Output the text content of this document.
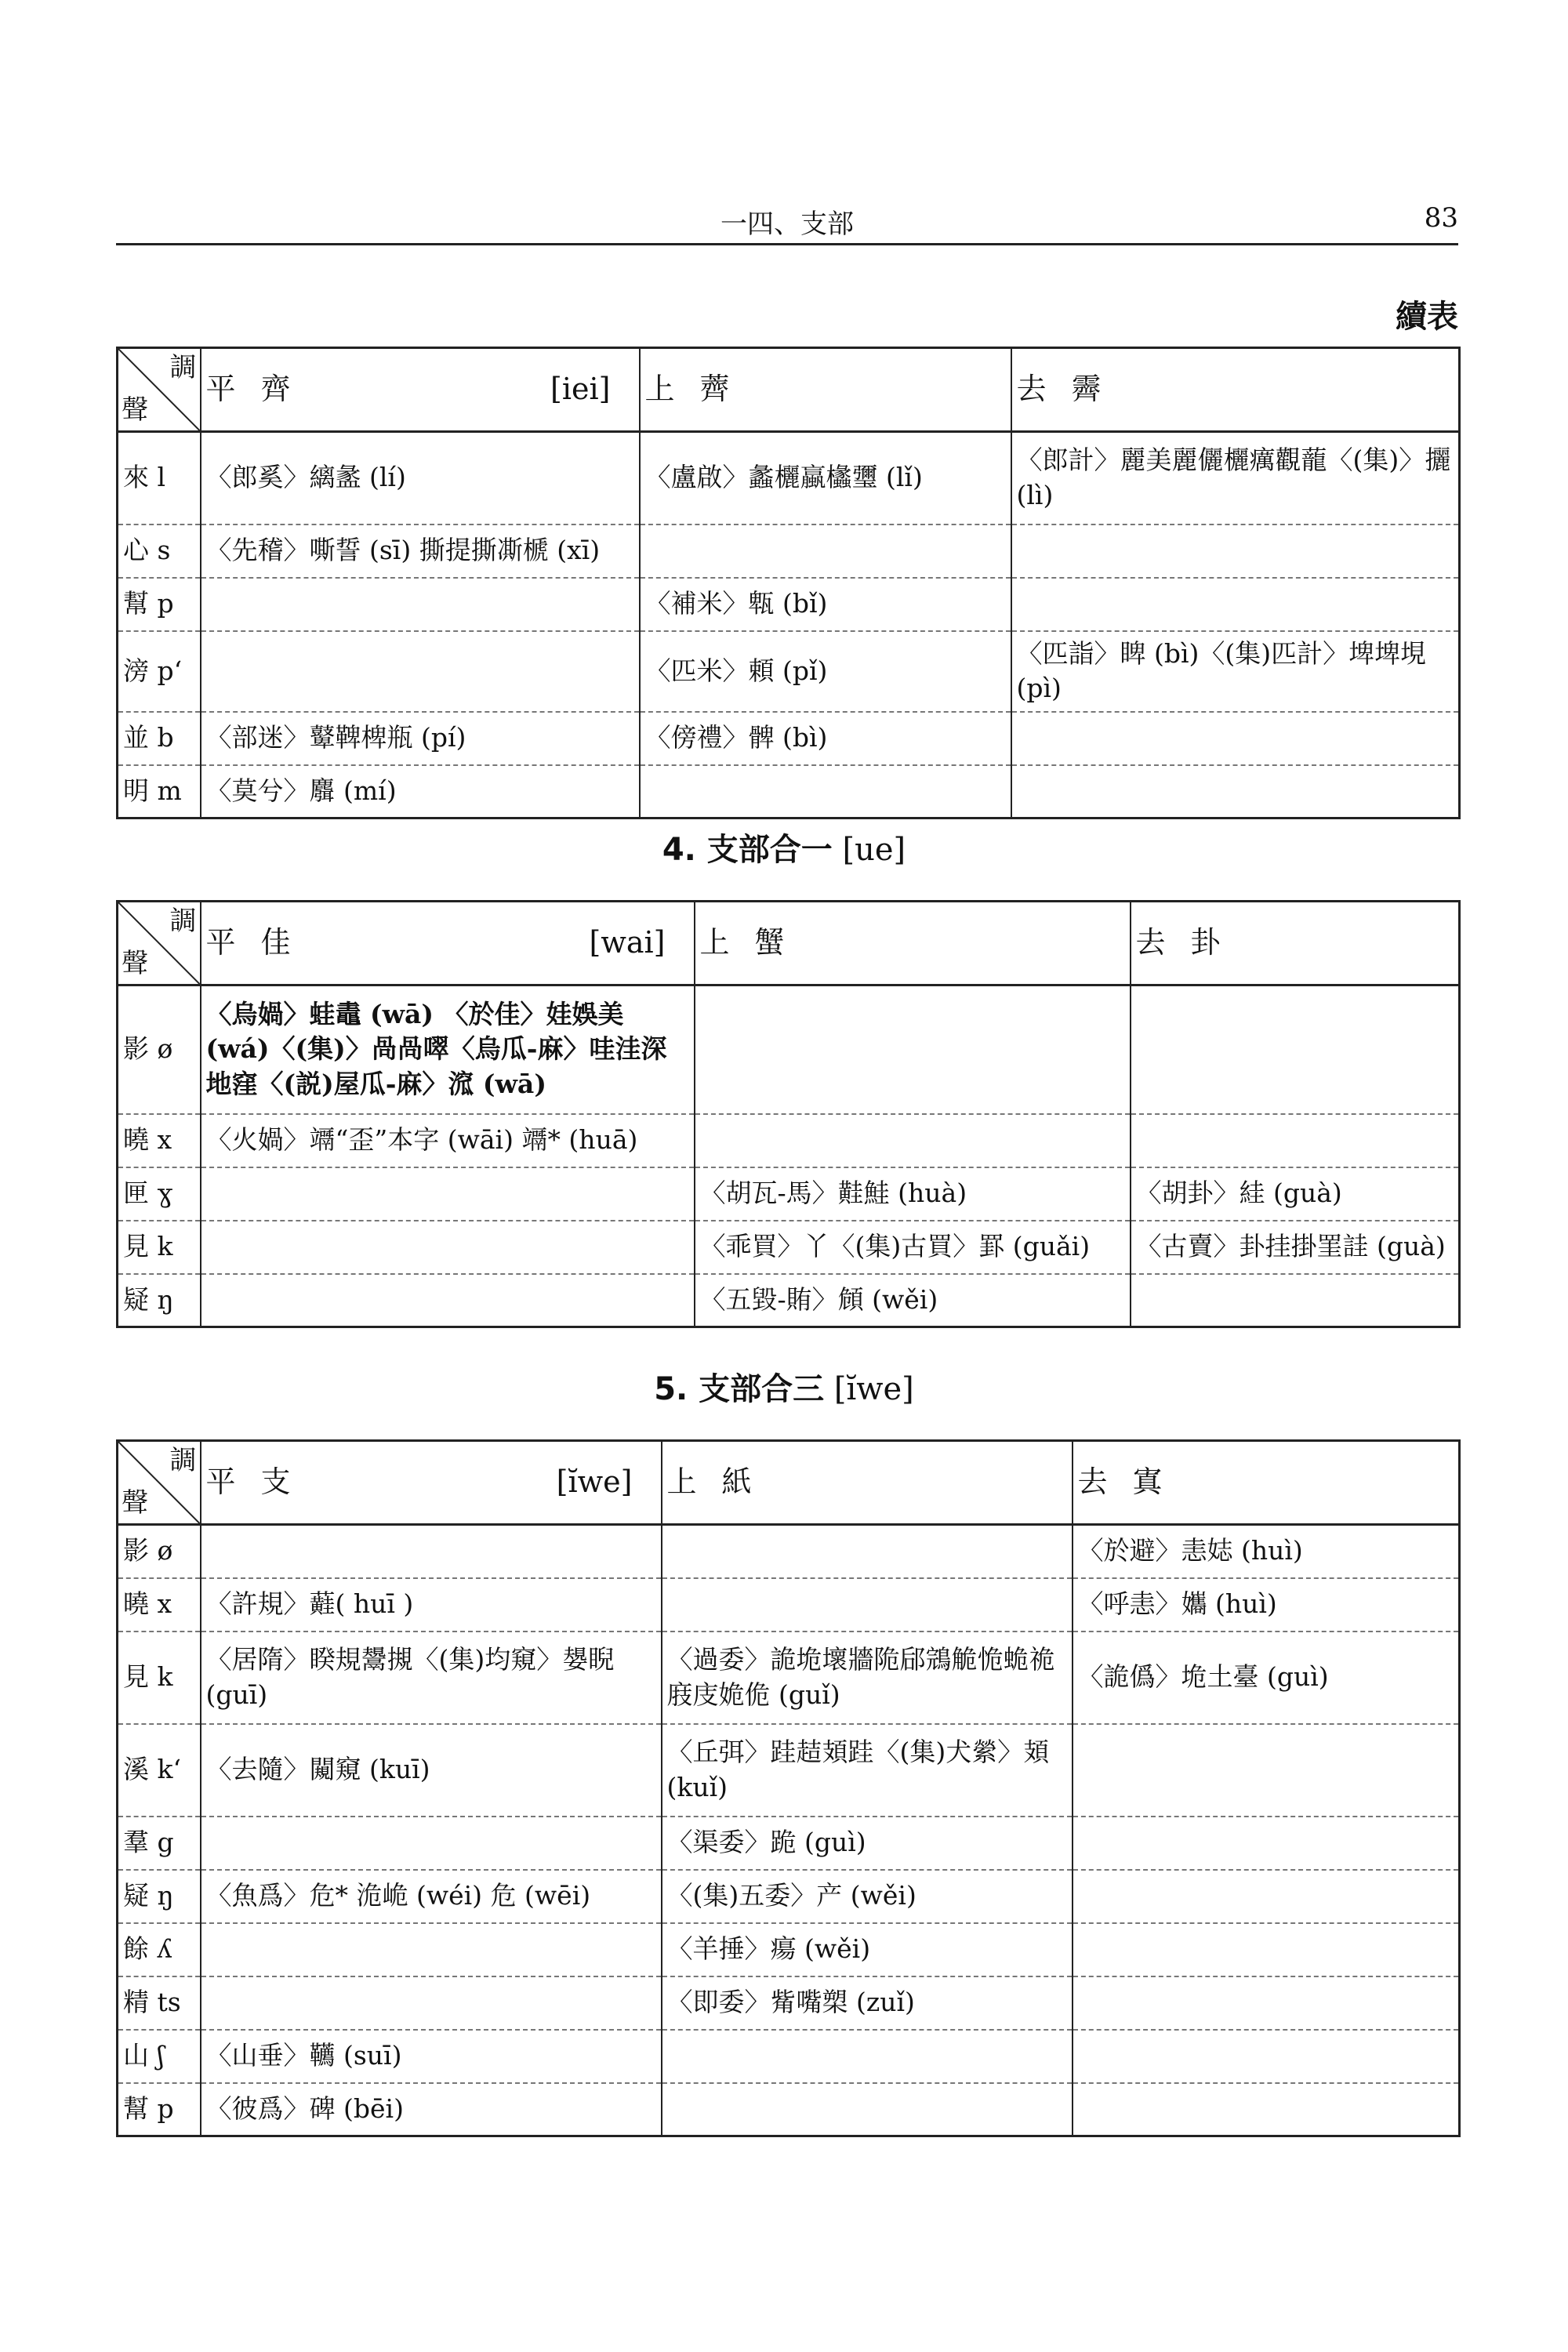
一四、支部	83
續表
調
聲	平 齊 [iei]	上 薺	去 霽

來 l	〈郎奚〉縭盠 (lí)	〈盧啟〉蠡欐蠃欚瓕 (lǐ)	〈郎計〉麗美麗儷欐癘觀蘢〈(集)〉攦 (lì)
心 s	〈先稽〉嘶誓 (sī) 撕提撕凘榹 (xī)		
幫 p		〈補米〉㼰 (bǐ)	
滂 p‘		〈匹米〉頼 (pǐ)	〈匹詣〉睥 (bì)〈(集)匹計〉埤埤垷 (pì)
並 b	〈部迷〉鼙鞞椑瓶 (pí)	〈傍禮〉髀 (bì)	
明 m	〈莫兮〉麛 (mí)		
4. 支部合一 [ue]
調
聲	平 佳 [wai]	上 蟹	去 卦

影 ø	〈烏媧〉蛙鼃 (wā) 〈於佳〉娃娛美 (wá)〈(集)〉咼咼噿〈烏瓜-麻〉哇洼深地窪〈(説)屋瓜-麻〉溛 (wā)		
曉 x	〈火媧〉竵“歪”本字 (wāi) 竵* (huā)		
匣 ɣ		〈胡瓦-馬〉黊鮭 (huà)	〈胡卦〉絓 (guà)
見 k		〈乖買〉丫〈(集)古買〉罫 (guǎi)	〈古賣〉卦挂掛罣詿 (guà)
疑 ŋ		〈五毀-賄〉頠 (wěi)	
5. 支部合三 [ĭwe]
調
聲	平 支 [ĭwe]	上 紙	去 寘

影 ø			〈於避〉恚娡 (huì)
曉 x	〈許規〉蘳( huī )		〈呼恚〉孈 (huì)
見 k	〈居隋〉睽規鬹摫〈(集)均窺〉嫢睨 (guī)	〈過委〉詭垝壞牆陒郈鵍觤恑蛫祪庪庋姽佹 (guǐ)	〈詭僞〉垝土臺 (guì)
溪 k‘	〈去隨〉闚窺 (kuī)	〈丘弭〉跬趌頍跬〈(集)犬縈〉頍 (kuǐ)	
羣 g		〈渠委〉跪 (guì)	
疑 ŋ	〈魚爲〉危* 洈峗 (wéi) 危 (wēi)	〈(集)五委〉产 (wěi)	
餘 ʎ		〈羊捶〉瘍 (wěi)	
精 ts		〈即委〉觜嘴槊 (zuǐ)	
山 ʃ	〈山垂〉韉 (suī)		
幫 p	〈彼爲〉碑 (bēi)		
